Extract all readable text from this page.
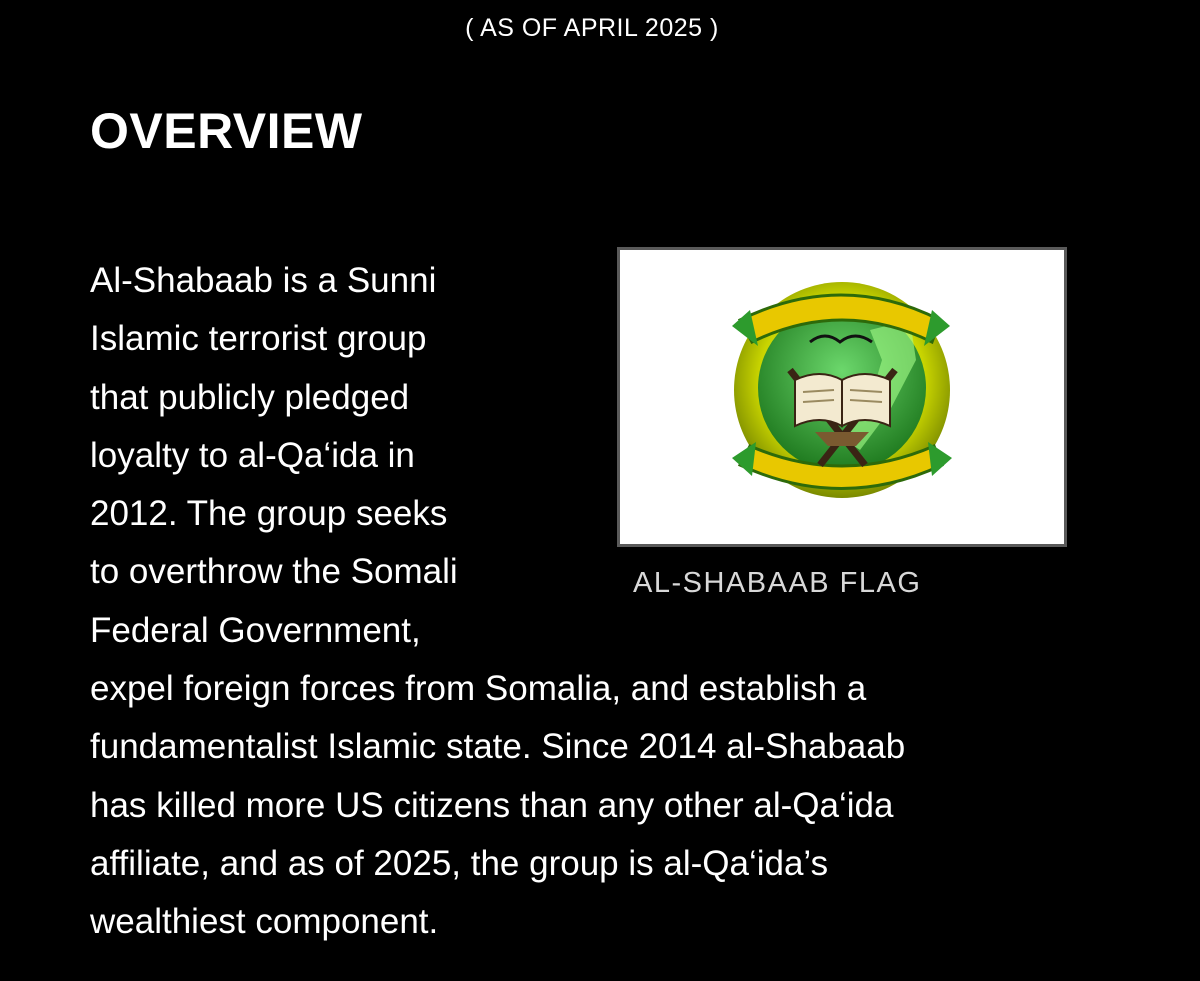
( AS OF APRIL 2025 )
OVERVIEW
Al-Shabaab is a Sunni
Islamic terrorist group
that publicly pledged
loyalty to al-Qa‘ida in
2012. The group seeks
to overthrow the Somali
Federal Government,
expel foreign forces from Somalia, and establish a
fundamentalist Islamic state. Since 2014 al-Shabaab
has killed more US citizens than any other al-Qa‘ida
affiliate, and as of 2025, the group is al-Qa‘ida’s
wealthiest component.
AL-SHABAAB FLAG
